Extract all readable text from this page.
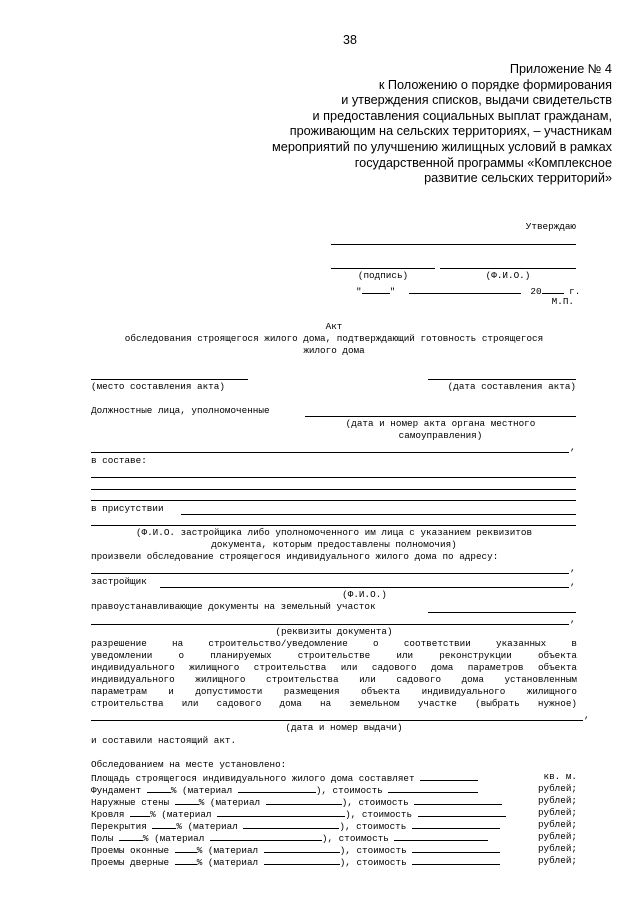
38
Приложение № 4
к Положению о порядке формирования
и утверждения списков, выдачи свидетельств
и предоставления социальных выплат гражданам,
проживающим на сельских территориях, – участникам
мероприятий по улучшению жилищных условий в рамках
государственной программы «Комплексное
развитие сельских территорий»
Утверждаю
(подпись)	(Ф.И.О.)
"	"	20	г.
М.П.
Акт
обследования строящегося жилого дома, подтверждающий готовность строящегося
жилого дома
(место составления акта)	(дата составления акта)
Должностные лица, уполномоченные
(дата и номер акта органа местного
самоуправления)
,
в составе:
в присутствии
(Ф.И.О. застройщика либо уполномоченного им лица с указанием реквизитов
документа, которым предоставлены полномочия)
произвели обследование строящегося индивидуального жилого дома по адресу:
,
застройщик	,
(Ф.И.О.)
правоустанавливающие документы на земельный участок
,
(реквизиты документа)
разрешение на строительство/уведомление о соответствии указанных в
уведомлении о планируемых строительстве или реконструкции объекта
индивидуального жилищного строительства или садового дома параметров объекта
индивидуального жилищного строительства или садового дома установленным
параметрам и допустимости размещения объекта индивидуального жилищного
строительства или садового дома на земельном участке (выбрать нужное)
,
(дата и номер выдачи)
и составили настоящий акт.
Обследованием на месте установлено:
Площадь строящегося индивидуального жилого дома составляет	кв. м.
Фундамент	% (материал	), стоимость	рублей;
Наружные стены	% (материал	), стоимость	рублей;
Кровля	% (материал	), стоимость	рублей;
Перекрытия	% (материал	), стоимость	рублей;
Полы	% (материал	), стоимость	рублей;
Проемы оконные	% (материал	), стоимость	рублей;
Проемы дверные	% (материал	), стоимость	рублей;
